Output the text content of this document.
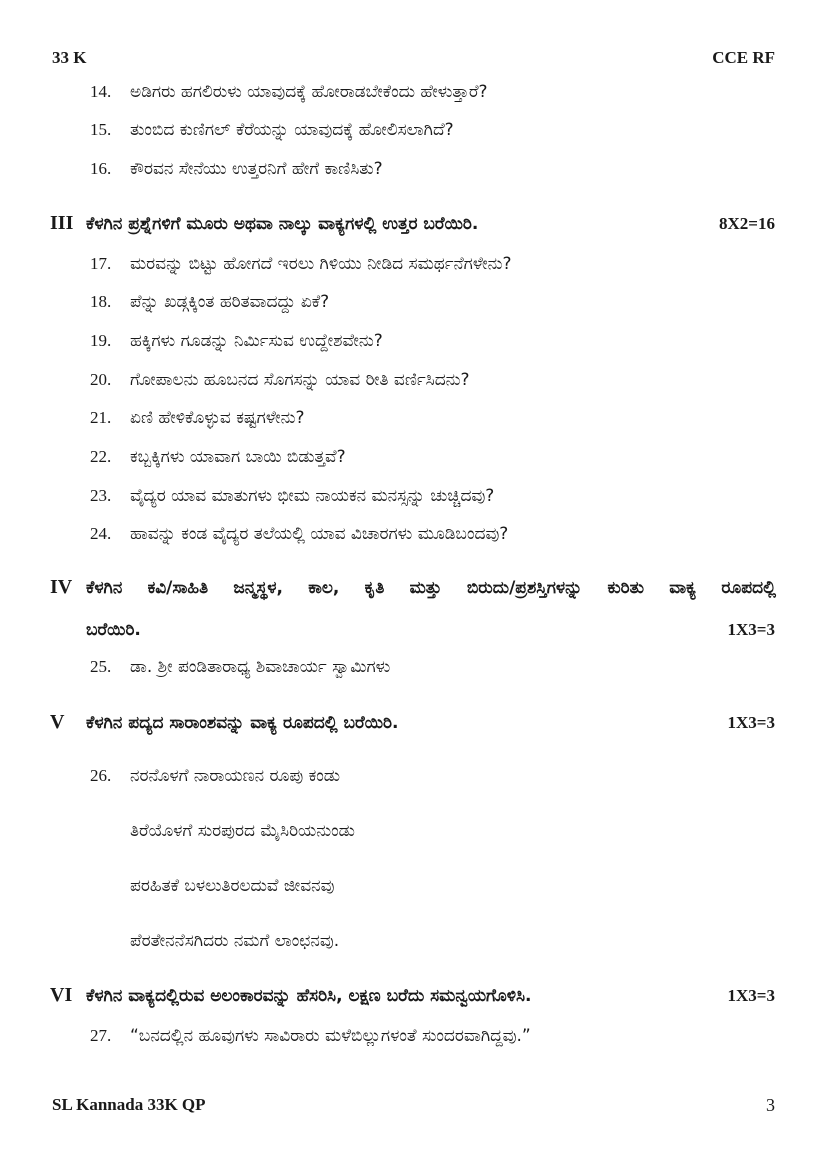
33 K	CCE RF
14. ಅಡಿಗರು ಹಗಲಿರುಳು ಯಾವುದಕ್ಕೆ ಹೋರಾಡಬೇಕೆಂದು ಹೇಳುತ್ತಾರೆ?
15. ತುಂಬಿದ ಕುಣಿಗಲ್ ಕೆರೆಯನ್ನು ಯಾವುದಕ್ಕೆ ಹೋಲಿಸಲಾಗಿದೆ?
16. ಕೌರವನ ಸೇನೆಯು ಉತ್ತರನಿಗೆ ಹೇಗೆ ಕಾಣಿಸಿತು?
III ಕೆಳಗಿನ ಪ್ರಶ್ನೆಗಳಿಗೆ ಮೂರು ಅಥವಾ ನಾಲ್ಕು ವಾಕ್ಯಗಳಲ್ಲಿ ಉತ್ತರ ಬರೆಯಿರಿ.	8X2=16
17. ಮರವನ್ನು ಬಿಟ್ಟು ಹೋಗದೆ ಇರಲು ಗಿಳಿಯು ನೀಡಿದ ಸಮರ್ಥನೆಗಳೇನು?
18. ಪೆನ್ನು ಖಡ್ಗಕ್ಕಿಂತ ಹರಿತವಾದದ್ದು ಏಕೆ?
19. ಹಕ್ಕಿಗಳು ಗೂಡನ್ನು ನಿರ್ಮಿಸುವ ಉದ್ದೇಶವೇನು?
20. ಗೋಪಾಲನು ಹೂಬನದ ಸೊಗಸನ್ನು ಯಾವ ರೀತಿ ವರ್ಣಿಸಿದನು?
21. ಏಣಿ ಹೇಳಿಕೊಳ್ಳುವ ಕಷ್ಟಗಳೇನು?
22. ಕಬ್ಬಕ್ಕಿಗಳು ಯಾವಾಗ ಬಾಯಿ ಬಿಡುತ್ತವೆ?
23. ವೈದ್ಯರ ಯಾವ ಮಾತುಗಳು ಭೀಮ ನಾಯಕನ ಮನಸ್ಸನ್ನು ಚುಚ್ಚಿದವು?
24. ಹಾವನ್ನು ಕಂಡ ವೈದ್ಯರ ತಲೆಯಲ್ಲಿ ಯಾವ ವಿಚಾರಗಳು ಮೂಡಿಬಂದವು?
IV ಕೆಳಗಿನ ಕವಿ/ಸಾಹಿತಿ ಜನ್ಮಸ್ಥಳ, ಕಾಲ, ಕೃತಿ ಮತ್ತು ಬಿರುದು/ಪ್ರಶಸ್ತಿಗಳನ್ನು ಕುರಿತು ವಾಕ್ಯ ರೂಪದಲ್ಲಿ
ಬರೆಯಿರಿ.	1X3=3
25. ಡಾ. ಶ್ರೀ ಪಂಡಿತಾರಾಧ್ಯ ಶಿವಾಚಾರ್ಯ ಸ್ವಾಮಿಗಳು
V ಕೆಳಗಿನ ಪದ್ಯದ ಸಾರಾಂಶವನ್ನು ವಾಕ್ಯ ರೂಪದಲ್ಲಿ ಬರೆಯಿರಿ.	1X3=3
26. ನರನೊಳಗೆ ನಾರಾಯಣನ ರೂಪು ಕಂಡು
ತಿರೆಯೊಳಗೆ ಸುರಪುರದ ಮೈಸಿರಿಯನುಂಡು
ಪರಹಿತಕೆ ಬಳಲುತಿರಲದುವೆ ಜೀವನವು
ಪೆರತೇನನೆಸಗಿದರು ನಮಗೆ ಲಾಂಛನವು.
VI ಕೆಳಗಿನ ವಾಕ್ಯದಲ್ಲಿರುವ ಅಲಂಕಾರವನ್ನು ಹೆಸರಿಸಿ, ಲಕ್ಷಣ ಬರೆದು ಸಮನ್ವಯಗೊಳಿಸಿ.	1X3=3
27. “ಬನದಲ್ಲಿನ ಹೂವುಗಳು ಸಾವಿರಾರು ಮಳೆಬಿಲ್ಲುಗಳಂತೆ ಸುಂದರವಾಗಿದ್ದವು.”
SL Kannada 33K QP	3
